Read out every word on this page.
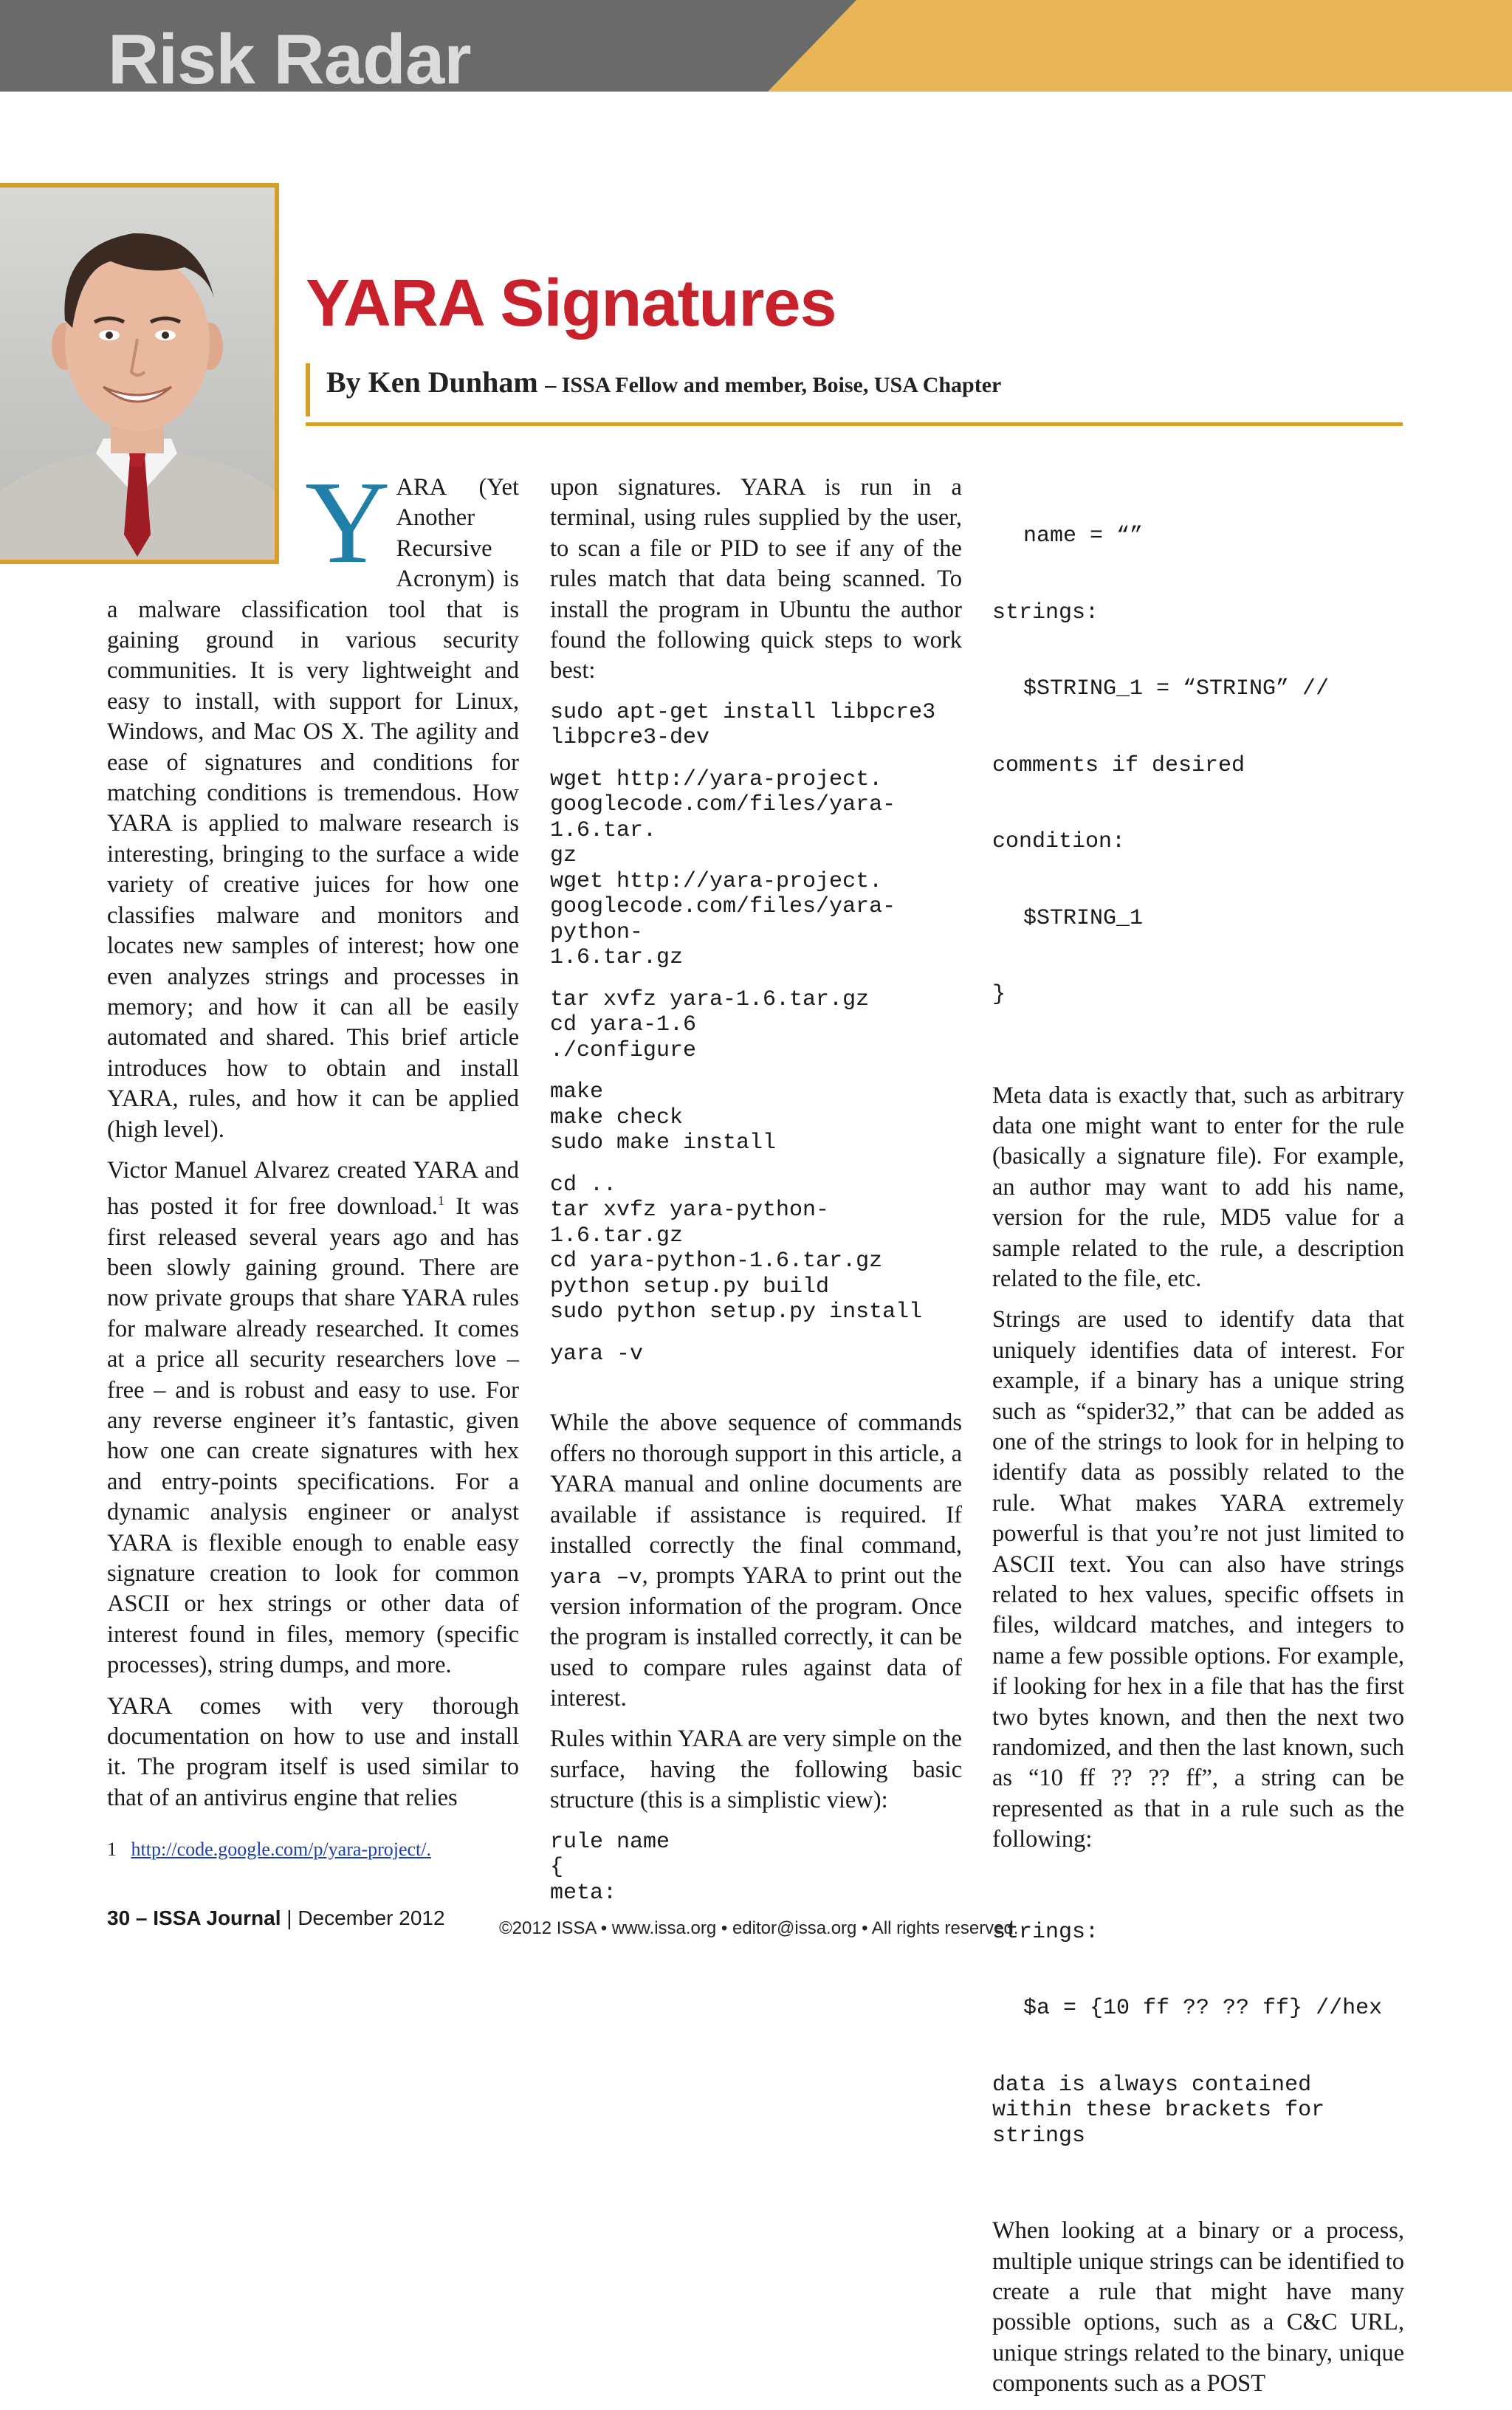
Risk Radar
YARA Signatures
By Ken Dunham – ISSA Fellow and member, Boise, USA Chapter

YARA (Yet Another Recursive Acronym) is a malware classification tool that is gaining ground in various security communities. It is very lightweight and easy to install, with support for Linux, Windows, and Mac OS X. The agility and ease of signatures and conditions for matching conditions is tremendous. How YARA is applied to malware research is interesting, bringing to the surface a wide variety of creative juices for how one classifies malware and monitors and locates new samples of interest; how one even analyzes strings and processes in memory; and how it can all be easily automated and shared. This brief article introduces how to obtain and install YARA, rules, and how it can be applied (high level).

Victor Manuel Alvarez created YARA and has posted it for free download.$^1$ It was first released several years ago and has been slowly gaining ground. There are now private groups that share YARA rules for malware already researched. It comes at a price all security researchers love – free – and is robust and easy to use. For any reverse engineer it’s fantastic, given how one can create signatures with hex and entry-points specifications. For a dynamic analysis engineer or analyst YARA is flexible enough to enable easy signature creation to look for common ASCII or hex strings or other data of interest found in files, memory (specific processes), string dumps, and more.

YARA comes with very thorough documentation on how to use and install it. The program itself is used similar to that of an antivirus engine that relies

upon signatures. YARA is run in a terminal, using rules supplied by the user, to scan a file or PID to see if any of the rules match that data being scanned. To install the program in Ubuntu the author found the following quick steps to work best:

sudo apt-get install libpcre3
libpcre3-dev
wget http://yara-project.
googlecode.com/files/yara-1.6.tar.
gz
wget http://yara-project.
googlecode.com/files/yara-python-
1.6.tar.gz
tar xvfz yara-1.6.tar.gz
cd yara-1.6
./configure
make
make check
sudo make install
cd ..
tar xvfz yara-python-1.6.tar.gz
cd yara-python-1.6.tar.gz
python setup.py build
sudo python setup.py install
yara -v

While the above sequence of commands offers no thorough support in this article, a YARA manual and online documents are available if assistance is required. If installed correctly the final command, yara –v, prompts YARA to print out the version information of the program. Once the program is installed correctly, it can be used to compare rules against data of interest.

Rules within YARA are very simple on the surface, having the following basic structure (this is a simplistic view):

rule name
{
meta:

name = “”

strings:

$STRING_1 = “STRING” //

comments if desired

condition:

$STRING_1

}

Meta data is exactly that, such as arbitrary data one might want to enter for the rule (basically a signature file). For example, an author may want to add his name, version for the rule, MD5 value for a sample related to the rule, a description related to the file, etc.

Strings are used to identify data that uniquely identifies data of interest. For example, if a binary has a unique string such as “spider32,” that can be added as one of the strings to look for in helping to identify data as possibly related to the rule. What makes YARA extremely powerful is that you’re not just limited to ASCII text. You can also have strings related to hex values, specific offsets in files, wildcard matches, and integers to name a few possible options. For example, if looking for hex in a file that has the first two bytes known, and then the next two randomized, and then the last known, such as “10 ff ?? ?? ff”, a string can be represented as that in a rule such as the following:

strings:

$a = {10 ff ?? ?? ff} //hex

data is always contained
within these brackets for
strings

When looking at a binary or a process, multiple unique strings can be identified to create a rule that might have many possible options, such as a C&C URL, unique strings related to the binary, unique components such as a POST

1 http://code.google.com/p/yara-project/.
30 – ISSA Journal | December 2012	©2012 ISSA • www.issa.org • editor@issa.org • All rights reserved.
